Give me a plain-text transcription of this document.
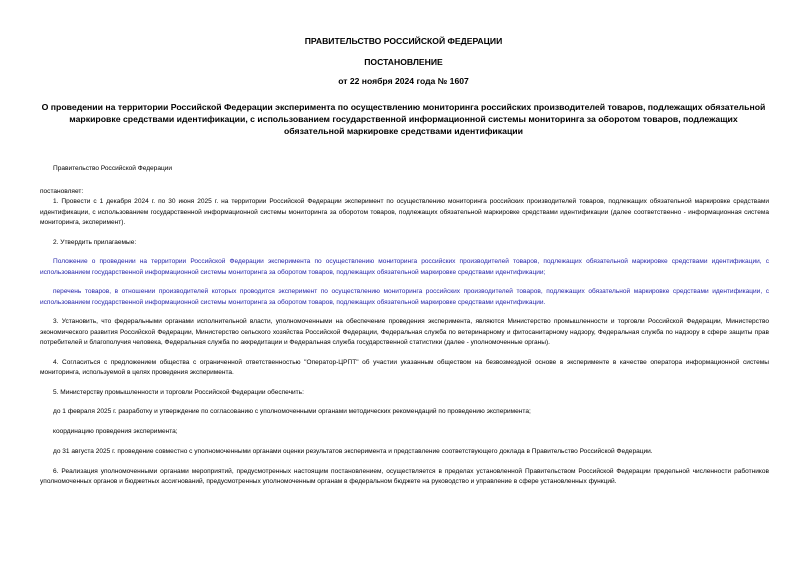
ПРАВИТЕЛЬСТВО РОССИЙСКОЙ ФЕДЕРАЦИИ
ПОСТАНОВЛЕНИЕ
от 22 ноября 2024 года № 1607
О проведении на территории Российской Федерации эксперимента по осуществлению мониторинга российских производителей товаров, подлежащих обязательной маркировке средствами идентификации, с использованием государственной информационной системы мониторинга за оборотом товаров, подлежащих обязательной маркировке средствами идентификации

Правительство Российской Федерации

постановляет:

1. Провести с 1 декабря 2024 г. по 30 июня 2025 г. на территории Российской Федерации эксперимент по осуществлению мониторинга российских производителей товаров, подлежащих обязательной маркировке средствами идентификации, с использованием государственной информационной системы мониторинга за оборотом товаров, подлежащих обязательной маркировке средствами идентификации (далее соответственно - информационная система мониторинга, эксперимент).

2. Утвердить прилагаемые:

Положение о проведении на территории Российской Федерации эксперимента по осуществлению мониторинга российских производителей товаров, подлежащих обязательной маркировке средствами идентификации, с использованием государственной информационной системы мониторинга за оборотом товаров, подлежащих обязательной маркировке средствами идентификации;

перечень товаров, в отношении производителей которых проводится эксперимент по осуществлению мониторинга российских производителей товаров, подлежащих обязательной маркировке средствами идентификации, с использованием государственной информационной системы мониторинга за оборотом товаров, подлежащих обязательной маркировке средствами идентификации.

3. Установить, что федеральными органами исполнительной власти, уполномоченными на обеспечение проведения эксперимента, являются Министерство промышленности и торговли Российской Федерации, Министерство экономического развития Российской Федерации, Министерство сельского хозяйства Российской Федерации, Федеральная служба по ветеринарному и фитосанитарному надзору, Федеральная служба по надзору в сфере защиты прав потребителей и благополучия человека, Федеральная служба по аккредитации и Федеральная служба государственной статистики (далее - уполномоченные органы).

4. Согласиться с предложением общества с ограниченной ответственностью "Оператор-ЦРПТ" об участии указанным обществом на безвозмездной основе в эксперименте в качестве оператора информационной системы мониторинга, используемой в целях проведения эксперимента.

5. Министерству промышленности и торговли Российской Федерации обеспечить:

до 1 февраля 2025 г. разработку и утверждение по согласованию с уполномоченными органами методических рекомендаций по проведению эксперимента;

координацию проведения эксперимента;

до 31 августа 2025 г. проведение совместно с уполномоченными органами оценки результатов эксперимента и представление соответствующего доклада в Правительство Российской Федерации.

6. Реализация уполномоченными органами мероприятий, предусмотренных настоящим постановлением, осуществляется в пределах установленной Правительством Российской Федерации предельной численности работников уполномоченных органов и бюджетных ассигнований, предусмотренных уполномоченным органам в федеральном бюджете на руководство и управление в сфере установленных функций.
